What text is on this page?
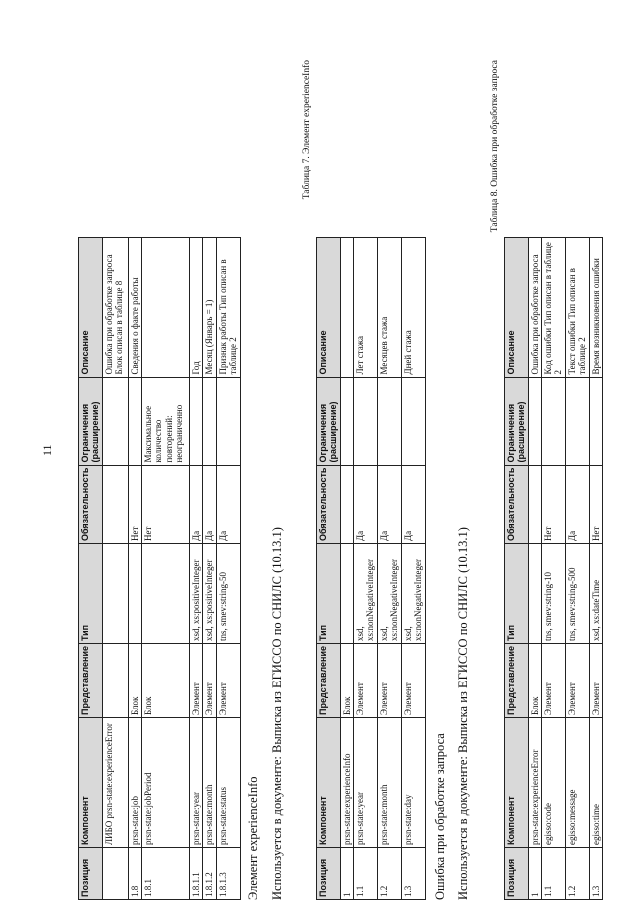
11
Позиция	Компонент	Представление	Тип	Обязательность	Ограничения (расширение)	Описание
	ЛИБО prsn-state:experienceError					Ошибка при обработке запроса Блок описан в таблице 8
1.8	prsn-state:job	Блок		Нет		Сведения о факте работы
1.8.1	prsn-state:jobPeriod	Блок		Нет	Максимальное количество повторений: неограниченно	
1.8.1.1	prsn-state:year	Элемент	xsd, xs:positiveInteger	Да		Год
1.8.1.2	prsn-state:month	Элемент	xsd, xs:positiveInteger	Да		Месяц (Январь = 1)
1.8.1.3	prsn-state:status	Элемент	tns, smev:string-50	Да		Признак работы Тип описан в таблице 2
Элемент experienceInfo Используется в документе: Выписка из ЕГИССО по СНИЛС (10.13.1)
Таблица 7. Элемент experienceInfo
Позиция	Компонент	Представление	Тип	Обязательность	Ограничения (расширение)	Описание
1	prsn-state:experienceInfo	Блок				
1.1	prsn-state:year	Элемент	xsd, xs:nonNegativeInteger	Да		Лет стажа
1.2	prsn-state:month	Элемент	xsd, xs:nonNegativeInteger	Да		Месяцев стажа
1.3	prsn-state:day	Элемент	xsd, xs:nonNegativeInteger	Да		Дней стажа
Ошибка при обработке запроса Используется в документе: Выписка из ЕГИССО по СНИЛС (10.13.1)
Таблица 8. Ошибка при обработке запроса
Позиция	Компонент	Представление	Тип	Обязательность	Ограничения (расширение)	Описание
1	prsn-state:experienceError	Блок				Ошибка при обработке запроса
1.1	egisso:code	Элемент	tns, smev:string-10	Нет		Код ошибки Тип описан в таблице 2
1.2	egisso:message	Элемент	tns, smev:string-500	Да		Текст ошибки Тип описан в таблице 2
1.3	egisso:time	Элемент	xsd, xs:dateTime	Нет		Время возникновения ошибки
